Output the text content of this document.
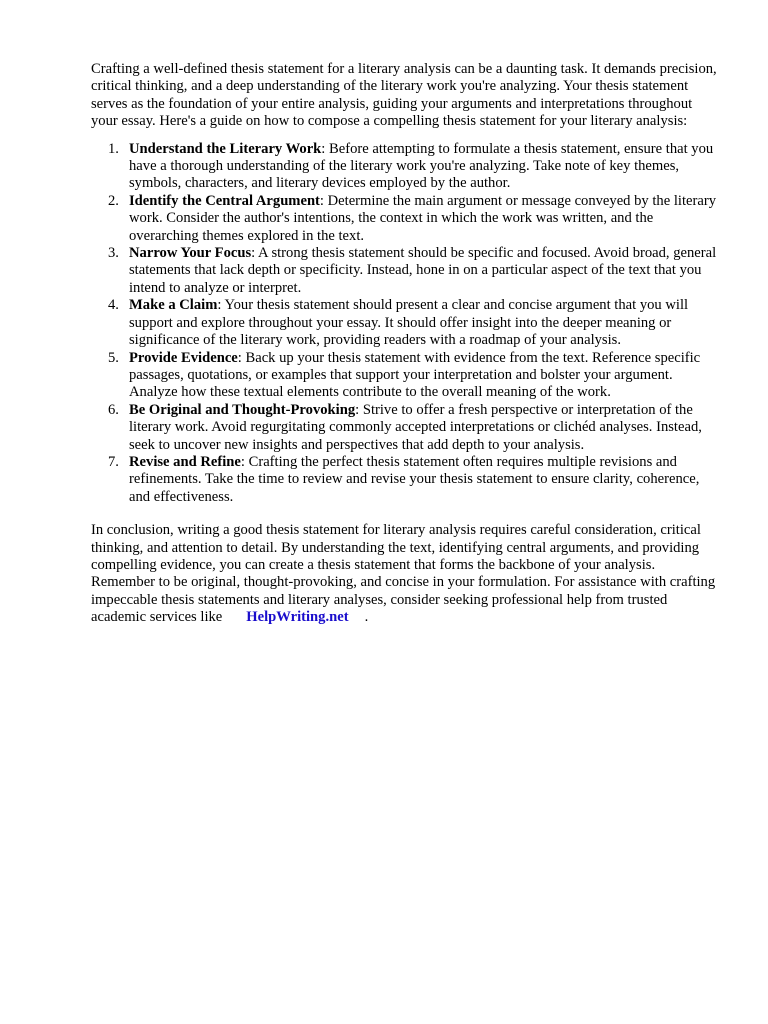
Crafting a well-defined thesis statement for a literary analysis can be a daunting task. It demands precision, critical thinking, and a deep understanding of the literary work you're analyzing. Your thesis statement serves as the foundation of your entire analysis, guiding your arguments and interpretations throughout your essay. Here's a guide on how to compose a compelling thesis statement for your literary analysis:

1. Understand the Literary Work: Before attempting to formulate a thesis statement, ensure that you have a thorough understanding of the literary work you're analyzing. Take note of key themes, symbols, characters, and literary devices employed by the author.
2. Identify the Central Argument: Determine the main argument or message conveyed by the literary work. Consider the author's intentions, the context in which the work was written, and the overarching themes explored in the text.
3. Narrow Your Focus: A strong thesis statement should be specific and focused. Avoid broad, general statements that lack depth or specificity. Instead, hone in on a particular aspect of the text that you intend to analyze or interpret.
4. Make a Claim: Your thesis statement should present a clear and concise argument that you will support and explore throughout your essay. It should offer insight into the deeper meaning or significance of the literary work, providing readers with a roadmap of your analysis.
5. Provide Evidence: Back up your thesis statement with evidence from the text. Reference specific passages, quotations, or examples that support your interpretation and bolster your argument. Analyze how these textual elements contribute to the overall meaning of the work.
6. Be Original and Thought-Provoking: Strive to offer a fresh perspective or interpretation of the literary work. Avoid regurgitating commonly accepted interpretations or clichéd analyses. Instead, seek to uncover new insights and perspectives that add depth to your analysis.
7. Revise and Refine: Crafting the perfect thesis statement often requires multiple revisions and refinements. Take the time to review and revise your thesis statement to ensure clarity, coherence, and effectiveness.

In conclusion, writing a good thesis statement for literary analysis requires careful consideration, critical thinking, and attention to detail. By understanding the text, identifying central arguments, and providing compelling evidence, you can create a thesis statement that forms the backbone of your analysis. Remember to be original, thought-provoking, and concise in your formulation. For assistance with crafting impeccable thesis statements and literary analyses, consider seeking professional help from trusted academic services like HelpWriting.net .
